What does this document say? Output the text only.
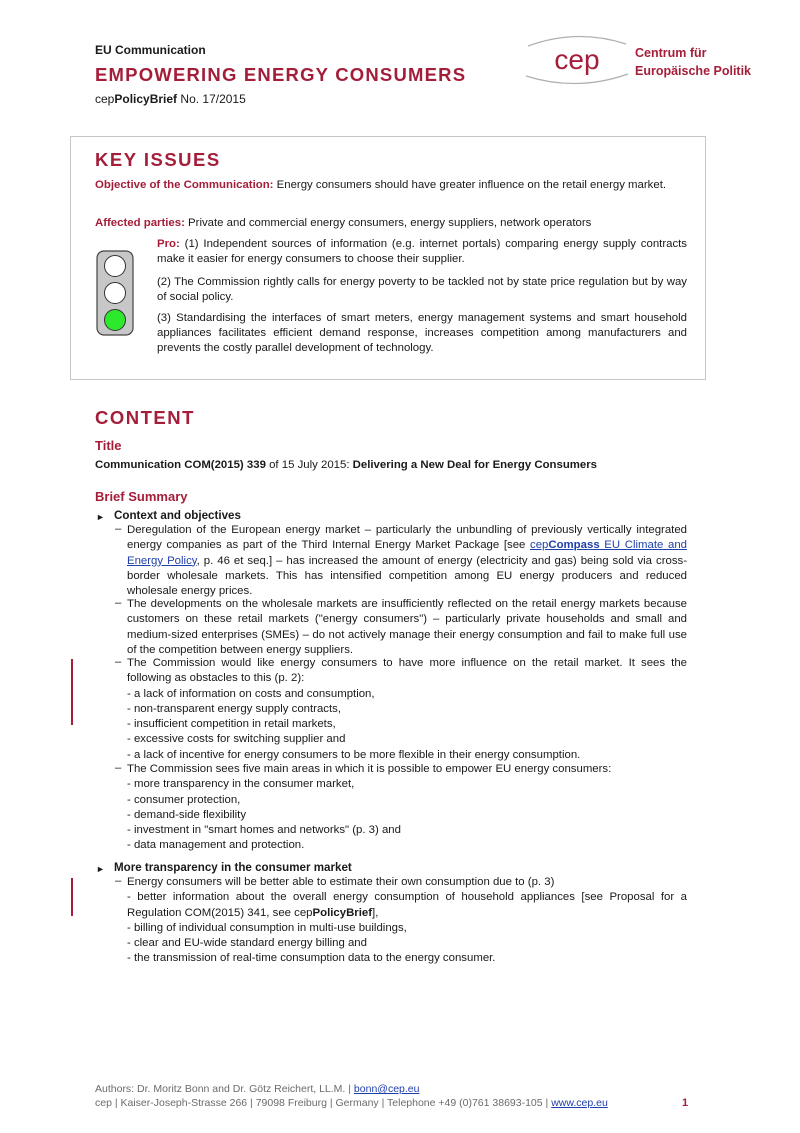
EU Communication
EMPOWERING ENERGY CONSUMERS
cepPolicyBrief No. 17/2015
cep	Centrum für
Europäische Politik
KEY ISSUES
Objective of the Communication: Energy consumers should have greater influence on the retail energy market.
Affected parties: Private and commercial energy consumers, energy suppliers, network operators
Pro: (1) Independent sources of information (e.g. internet portals) comparing energy supply contracts make it easier for energy consumers to choose their supplier.
(2) The Commission rightly calls for energy poverty to be tackled not by state price regulation but by way of social policy.
(3) Standardising the interfaces of smart meters, energy management systems and smart household appliances facilitates efficient demand response, increases competition among manufacturers and prevents the costly parallel development of technology.
CONTENT
Title
Communication COM(2015) 339 of 15 July 2015: Delivering a New Deal for Energy Consumers
Brief Summary
► Context and objectives
– Deregulation of the European energy market – particularly the unbundling of previously vertically integrated energy companies as part of the Third Internal Energy Market Package [see cepCompass EU Climate and Energy Policy, p. 46 et seq.] – has increased the amount of energy (electricity and gas) being sold via cross-border wholesale markets. This has intensified competition among EU energy producers and reduced wholesale energy prices.
– The developments on the wholesale markets are insufficiently reflected on the retail energy markets because customers on these retail markets ("energy consumers") – particularly private households and small and medium-sized enterprises (SMEs) – do not actively manage their energy consumption and fail to make full use of the competition between energy suppliers.
– The Commission would like energy consumers to have more influence on the retail market. It sees the following as obstacles to this (p. 2):
- a lack of information on costs and consumption,
- non-transparent energy supply contracts,
- insufficient competition in retail markets,
- excessive costs for switching supplier and
- a lack of incentive for energy consumers to be more flexible in their energy consumption.
– The Commission sees five main areas in which it is possible to empower EU energy consumers:
- more transparency in the consumer market,
- consumer protection,
- demand-side flexibility
- investment in "smart homes and networks" (p. 3) and
- data management and protection.
► More transparency in the consumer market
– Energy consumers will be better able to estimate their own consumption due to (p. 3)
- better information about the overall energy consumption of household appliances [see Proposal for a Regulation COM(2015) 341, see cepPolicyBrief],
- billing of individual consumption in multi-use buildings,
- clear and EU-wide standard energy billing and
- the transmission of real-time consumption data to the energy consumer.
Authors: Dr. Moritz Bonn and Dr. Götz Reichert, LL.M. | bonn@cep.eu
cep | Kaiser-Joseph-Strasse 266 | 79098 Freiburg | Germany | Telephone +49 (0)761 38693-105 | www.cep.eu	1
